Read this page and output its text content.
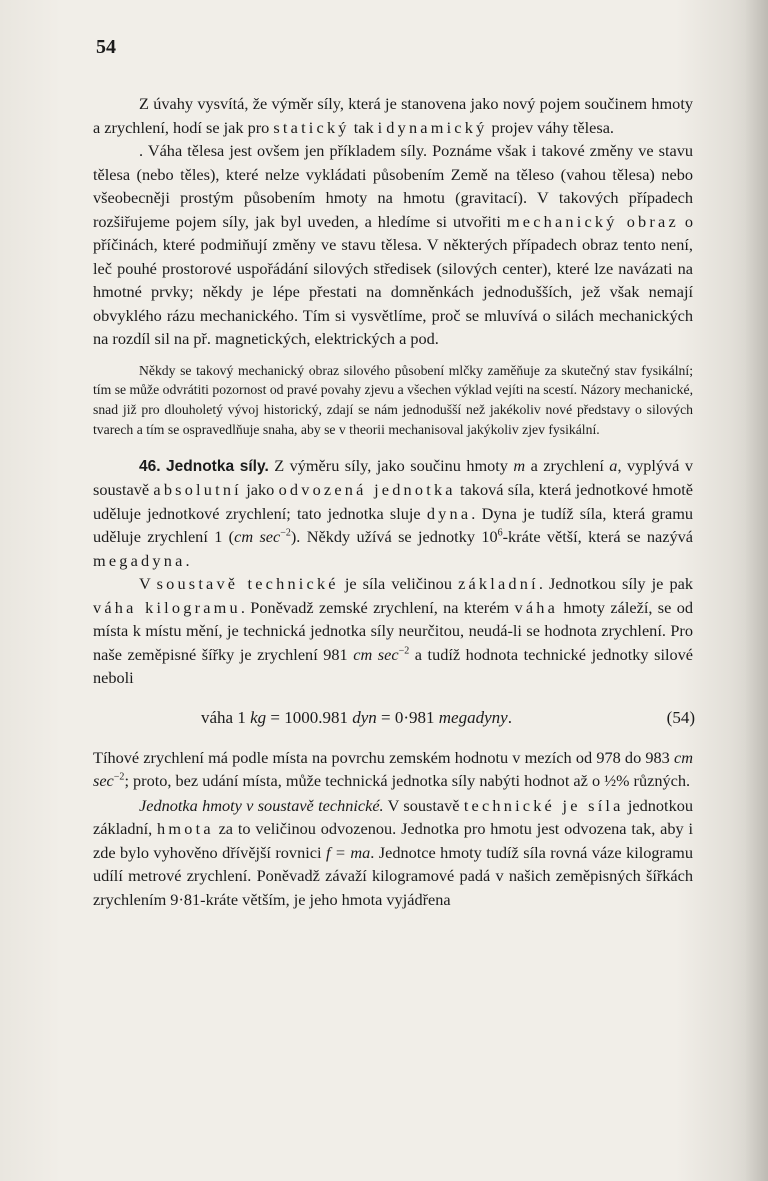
54

Z úvahy vysvítá, že výměr síly, která je stanovena jako nový pojem součinem hmoty a zrychlení, hodí se jak pro statický tak i dynamický projev váhy tělesa.

. Váha tělesa jest ovšem jen příkladem síly. Poznáme však i takové změny ve stavu tělesa (nebo těles), které nelze vykládati působením Země na těleso (vahou tělesa) nebo všeobecněji prostým působením hmoty na hmotu (gravitací). V takových případech rozšiřujeme pojem síly, jak byl uveden, a hledíme si utvořiti mechanický obraz o příčinách, které podmiňují změny ve stavu tělesa. V některých případech obraz tento není, leč pouhé prostorové uspořádání silových středisek (silových center), které lze navázati na hmotné prvky; někdy je lépe přestati na domněnkách jednodušších, jež však nemají obvyklého rázu mechanického. Tím si vysvětlíme, proč se mluvívá o silách mechanických na rozdíl sil na př. magnetických, elektrických a pod.

Někdy se takový mechanický obraz silového působení mlčky zaměňuje za skutečný stav fysikální; tím se může odvrátiti pozornost od pravé povahy zjevu a všechen výklad vejíti na scestí. Názory mechanické, snad již pro dlouholetý vývoj historický, zdají se nám jednodušší než jakékoliv nové představy o silových tvarech a tím se ospravedlňuje snaha, aby se v theorii mechanisoval jakýkoliv zjev fysikální.

46. Jednotka síly. Z výměru síly, jako součinu hmoty m a zrychlení a, vyplývá v soustavě absolutní jako odvozená jednotka taková síla, která jednotkové hmotě uděluje jednotkové zrychlení; tato jednotka sluje dyna. Dyna je tudíž síla, která gramu uděluje zrychlení 1 (cm $\sec^{-2}$). Někdy užívá se jednotky $10^6$-kráte větší, která se nazývá megadyna.

V soustavě technické je síla veličinou základní. Jednotkou síly je pak váha kilogramu. Poněvadž zemské zrychlení, na kterém váha hmoty záleží, se od místa k místu mění, je technická jednotka síly neurčitou, neudá-li se hodnota zrychlení. Pro naše zeměpisné šířky je zrychlení 981 cm $\sec^{-2} a$ tudíž hodnota technické jednotky silové neboli

váha 1 kg = 1000.981 dyn = 0·981 megadyny.	(54)

Tíhové zrychlení má podle místa na povrchu zemském hodnotu v mezích od 978 do 983 cm $\sec^{-2}$; proto, bez udání místa, může technická jednotka síly nabýti hodnot až o ½% různých.

Jednotka hmoty v soustavě technické. V soustavě technické je síla jednotkou základní, hmota za to veličinou odvozenou. Jednotka pro hmotu jest odvozena tak, aby i zde bylo vyhověno dřívější rovnici f = ma. Jednotce hmoty tudíž síla rovná váze kilogramu udílí metrové zrychlení. Poněvadž závaží kilogramové padá v našich zeměpisných šířkách zrychlením 9·81-kráte větším, je jeho hmota vyjádřena
